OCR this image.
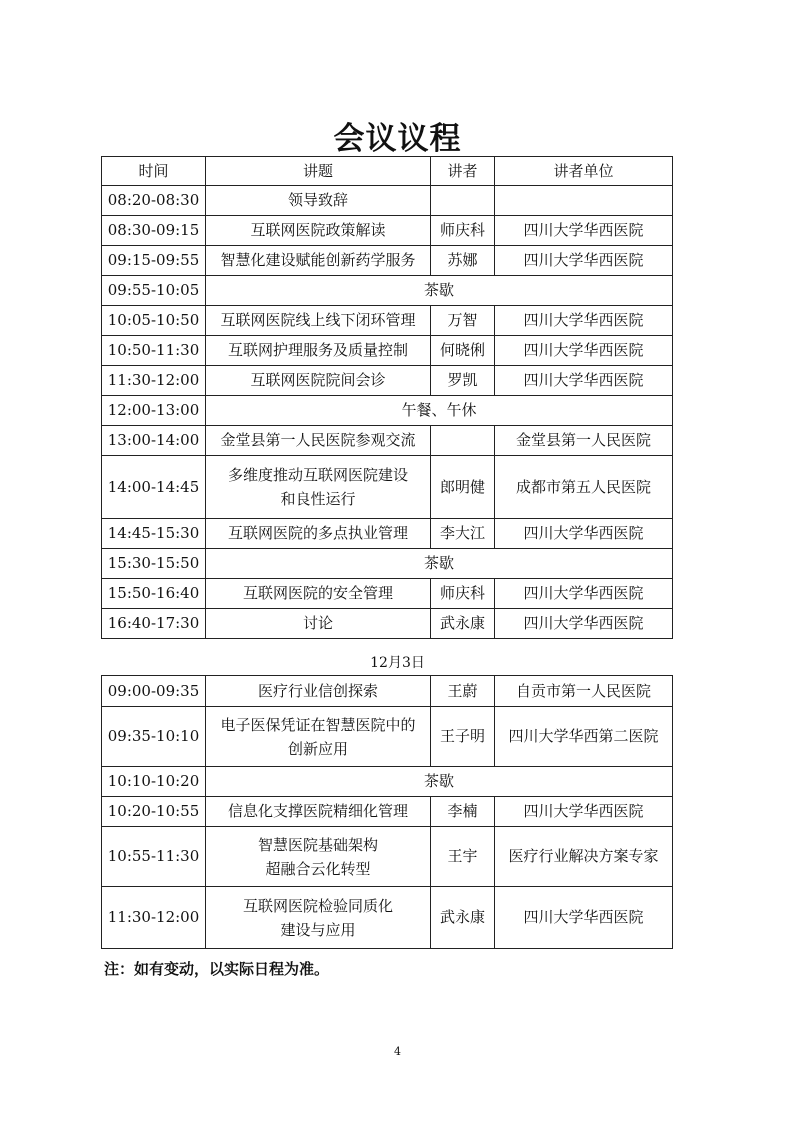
会议议程
时间	讲题	讲者	讲者单位
08:20-08:30	领导致辞		
08:30-09:15	互联网医院政策解读	师庆科	四川大学华西医院
09:15-09:55	智慧化建设赋能创新药学服务	苏娜	四川大学华西医院
09:55-10:05	茶歇		
10:05-10:50	互联网医院线上线下闭环管理	万智	四川大学华西医院
10:50-11:30	互联网护理服务及质量控制	何晓俐	四川大学华西医院
11:30-12:00	互联网医院院间会诊	罗凯	四川大学华西医院
12:00-13:00	午餐、午休		
13:00-14:00	金堂县第一人民医院参观交流		金堂县第一人民医院
14:00-14:45	多维度推动互联网医院建设
和良性运行	郎明健	成都市第五人民医院
14:45-15:30	互联网医院的多点执业管理	李大江	四川大学华西医院
15:30-15:50	茶歇		
15:50-16:40	互联网医院的安全管理	师庆科	四川大学华西医院
16:40-17:30	讨论	武永康	四川大学华西医院
12月3日
09:00-09:35	医疗行业信创探索	王蔚	自贡市第一人民医院
09:35-10:10	电子医保凭证在智慧医院中的
创新应用	王子明	四川大学华西第二医院
10:10-10:20	茶歇		
10:20-10:55	信息化支撑医院精细化管理	李楠	四川大学华西医院
10:55-11:30	智慧医院基础架构
超融合云化转型	王宇	医疗行业解决方案专家
11:30-12:00	互联网医院检验同质化
建设与应用	武永康	四川大学华西医院
注：如有变动，以实际日程为准。
4
